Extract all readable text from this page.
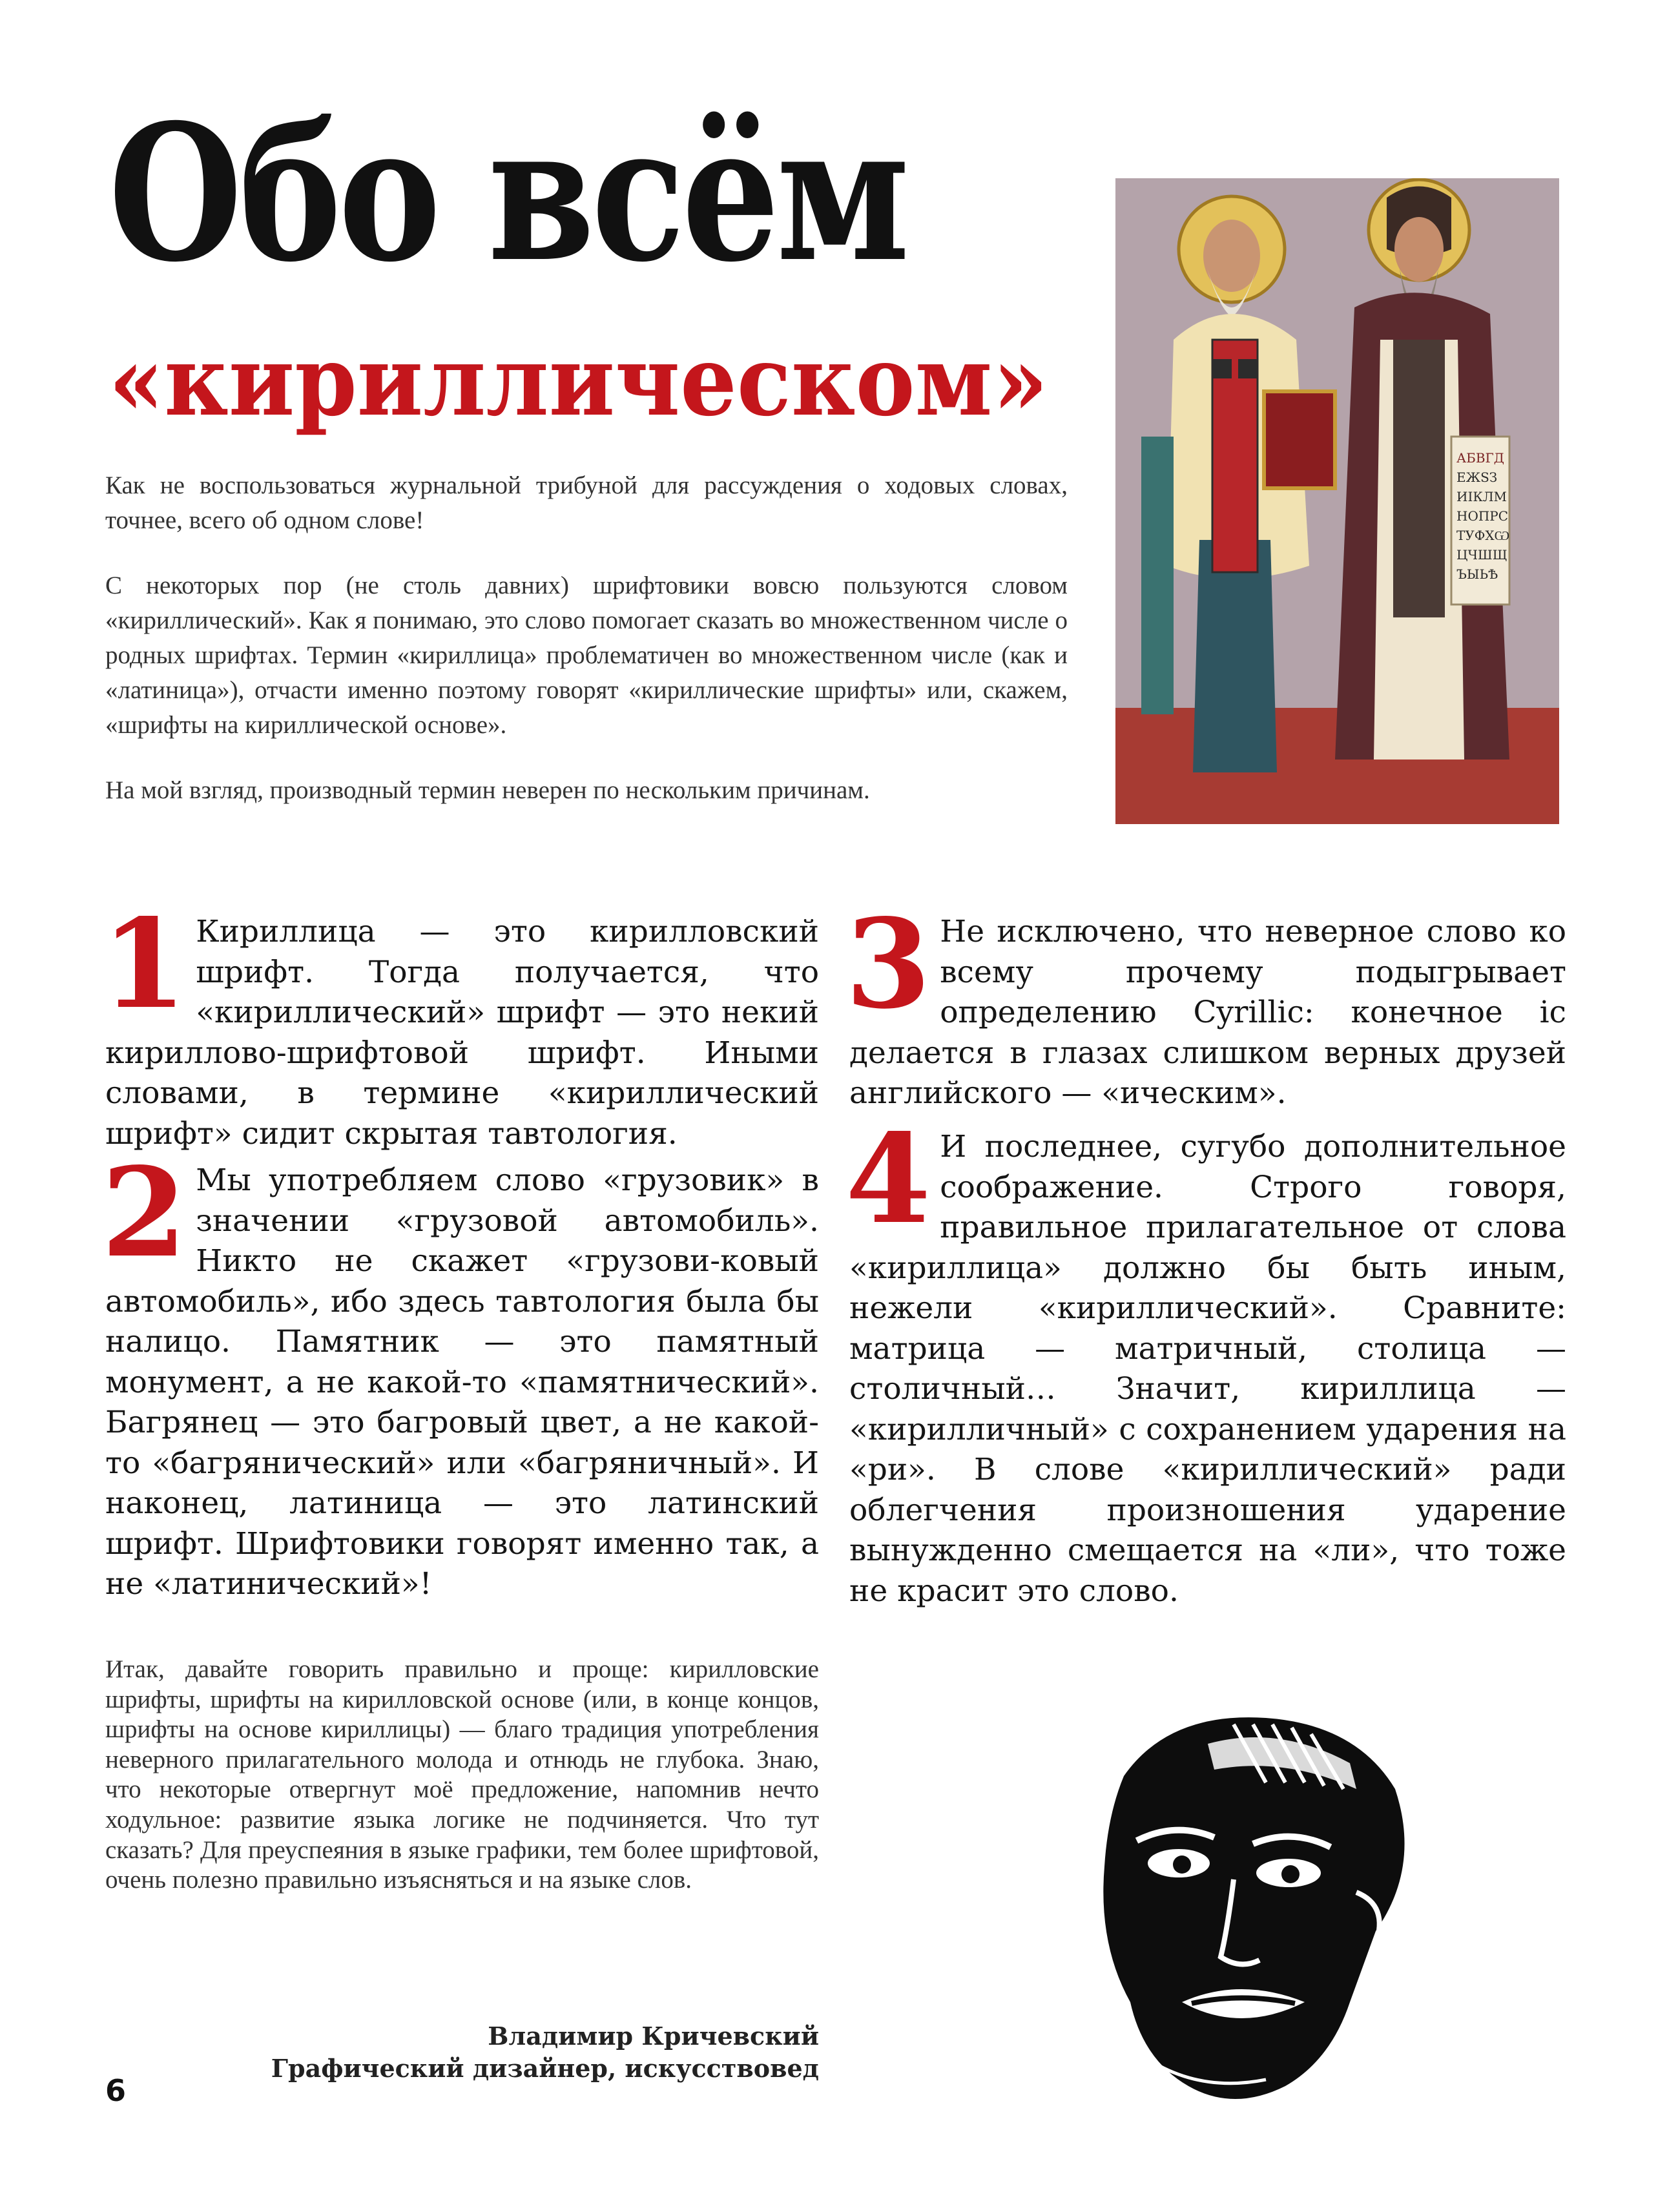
Обо всём
«кириллическом»

Как не воспользоваться журнальной трибуной для рассуждения о ходовых словах, точнее, всего об одном слове!

С некоторых пор (не столь давних) шрифтовики вовсю пользуются словом «кириллический». Как я понимаю, это слово помогает сказать во множественном числе о родных шрифтах. Термин «кириллица» проблематичен во множественном числе (как и «латиница»), отчасти именно поэтому говорят «кириллические шрифты» или, скажем, «шрифты на кириллической основе».

На мой взгляд, производный термин неверен по нескольким причинам.

АБВГД
ЕЖЅЗ
ИІКЛМ
НОПРС
ТУФХѠ
ЦЧШЩ
ЪЫЬѢ
1 Кириллица — это кирилловский шрифт. Тогда получается, что «кириллический» шрифт — это некий кириллово-шрифтовой шрифт. Иными словами, в термине «кириллический шрифт» сидит скрытая тавтология.
2 Мы употребляем слово «грузовик» в значении «грузовой автомобиль». Никто не скажет «грузови-ковый автомобиль», ибо здесь тавтология была бы налицо. Памятник — это памятный монумент, а не какой-то «памятнический». Багрянец — это багровый цвет, а не какой-то «багрянический» или «багряничный». И наконец, латиница — это латинский шрифт. Шрифтовики говорят именно так, а не «латинический»!
3 Не исключено, что неверное слово ко всему прочему подыгрывает определению Cyrillic: конечное ic делается в глазах слишком верных друзей английского — «ическим».
4 И последнее, сугубо дополнительное соображение. Строго говоря, правильное прилагательное от слова «кириллица» должно бы быть иным, нежели «кириллический». Сравните: матрица — матричный, столица — столичный… Значит, кириллица — «кирилличный» с сохранением ударения на «ри». В слове «кириллический» ради облегчения произношения ударение вынужденно смещается на «ли», что тоже не красит это слово.
Итак, давайте говорить правильно и проще: кирилловские шрифты, шрифты на кирилловской основе (или, в конце концов, шрифты на основе кириллицы) — благо традиция употребления неверного прилагательного молода и отнюдь не глубока. Знаю, что некоторые отвергнут моё предложение, напомнив нечто ходульное: развитие языка логике не подчиняется. Что тут сказать? Для преуспеяния в языке графики, тем более шрифтовой, очень полезно правильно изъясняться и на языке слов.
Владимир Кричевский
Графический дизайнер, искусствовед
6
